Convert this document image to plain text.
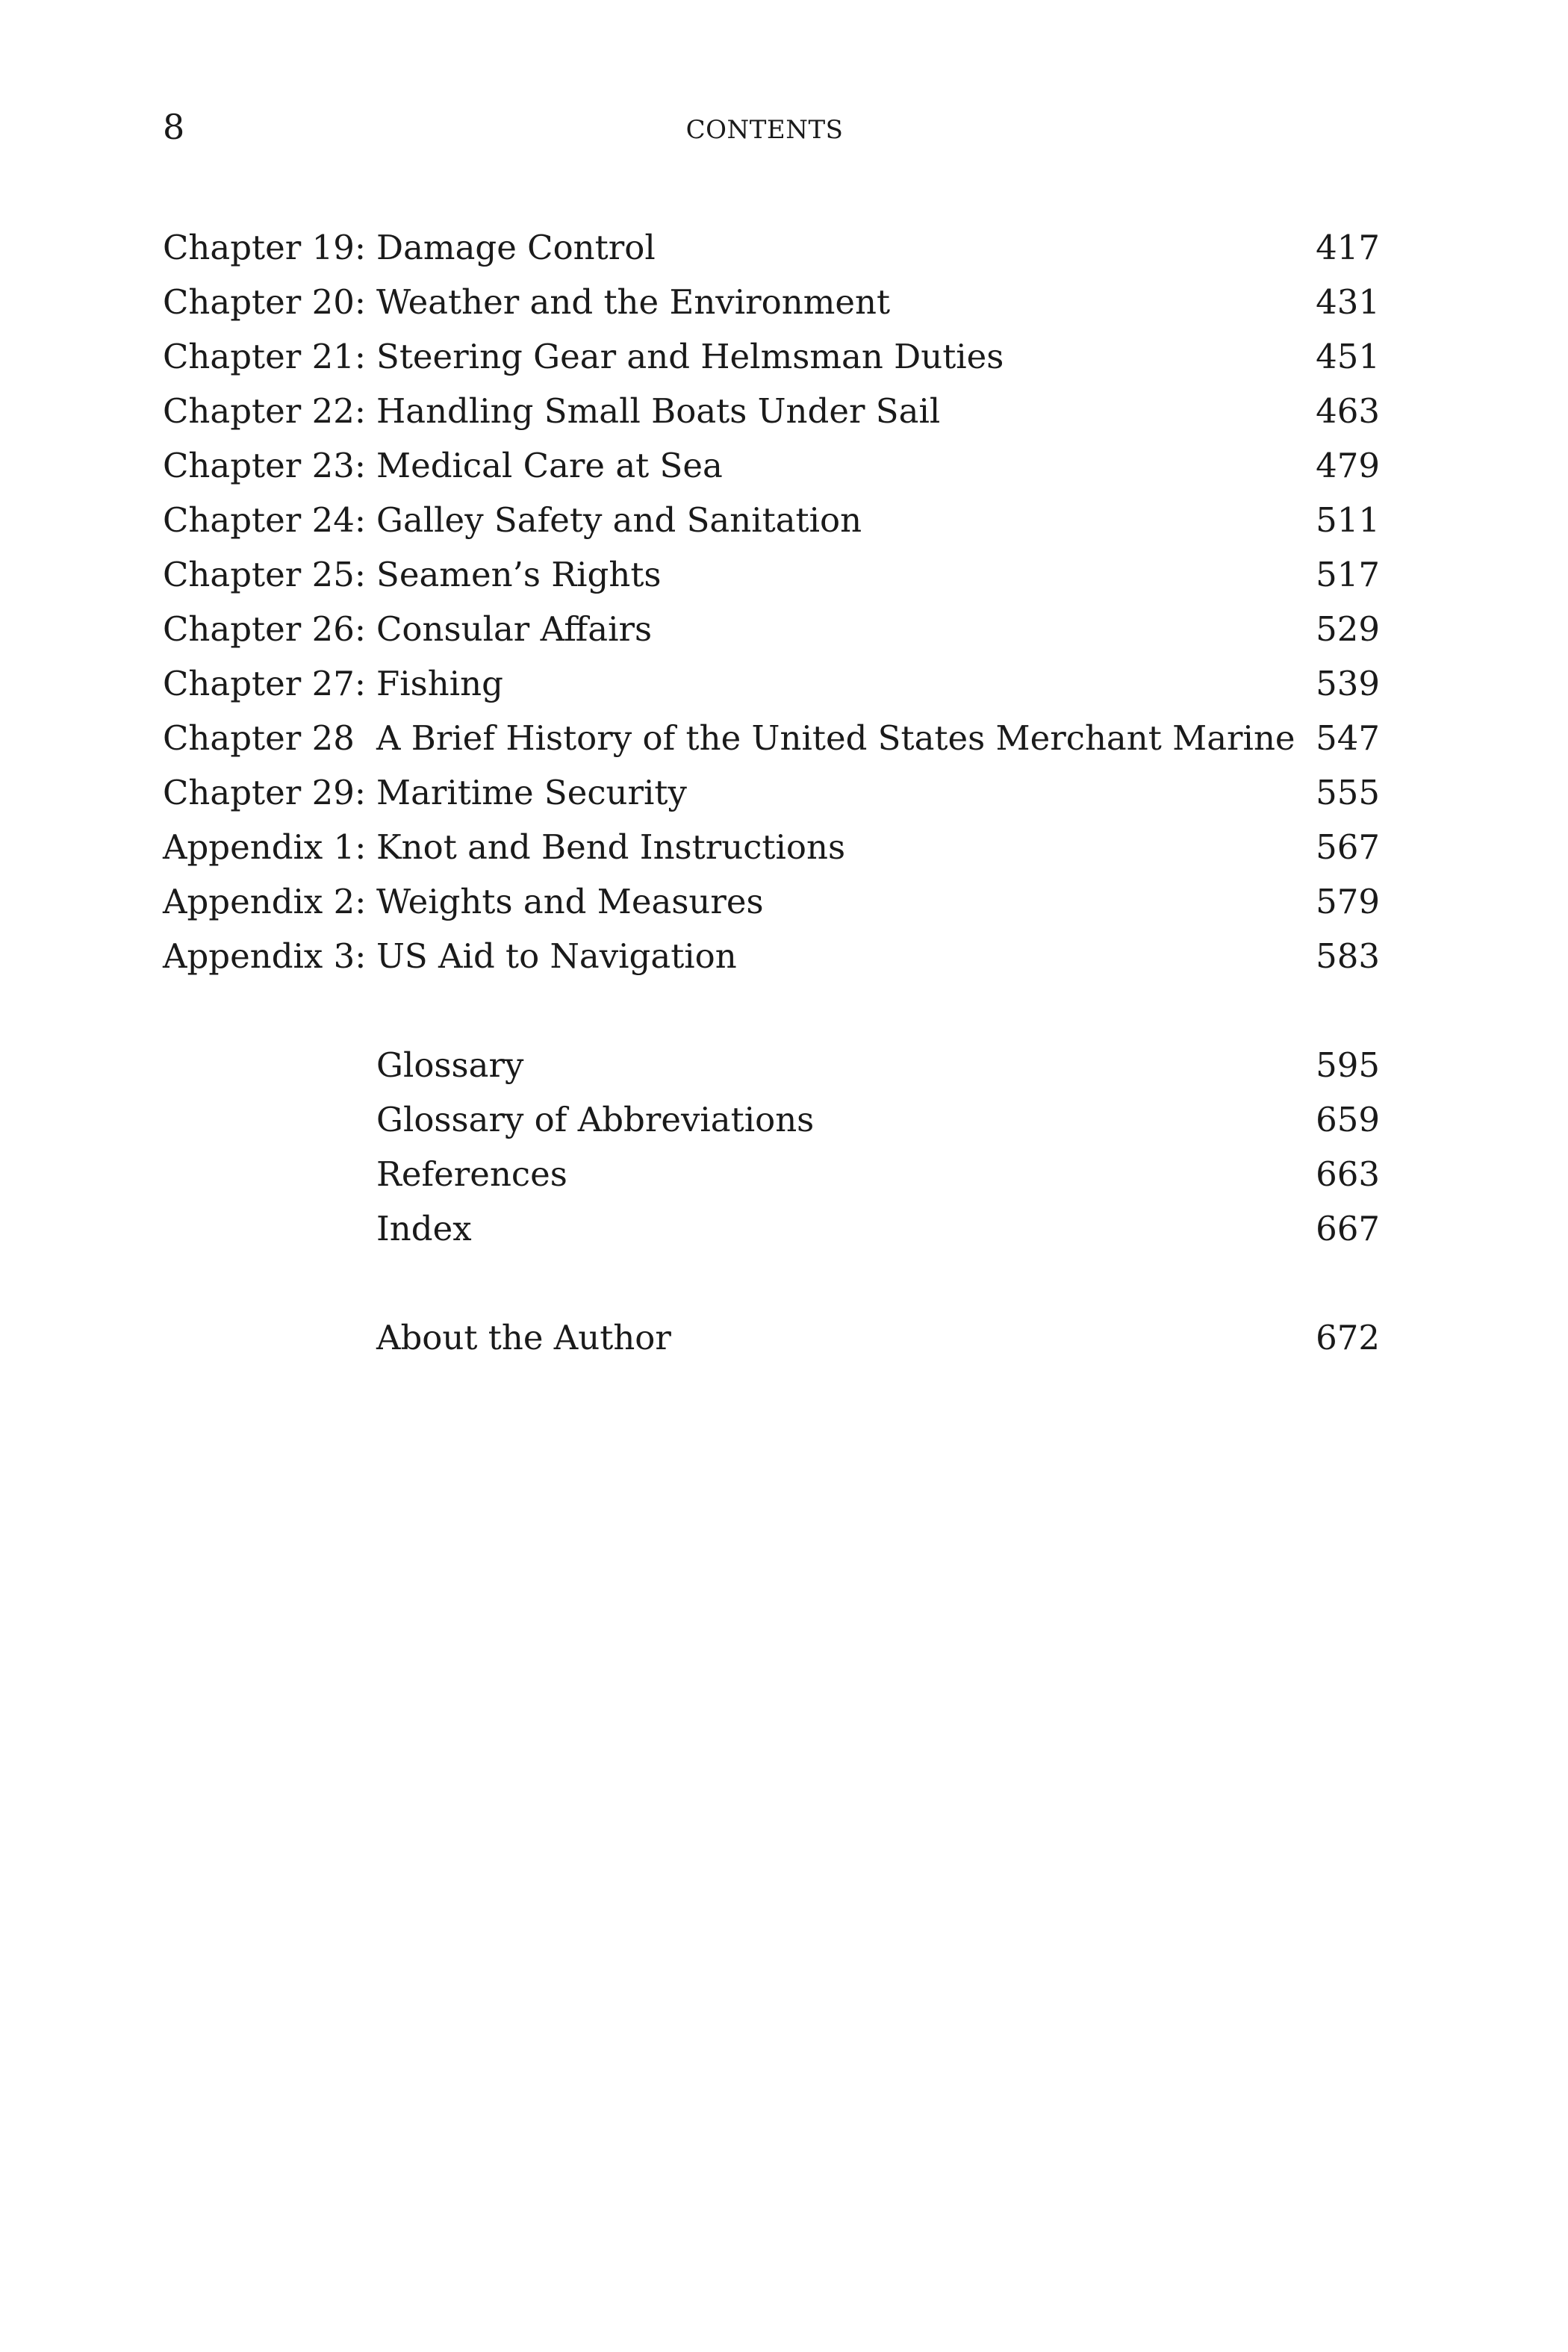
8	CONTENTS
Chapter 19: Damage Control	417
Chapter 20: Weather and the Environment	431
Chapter 21: Steering Gear and Helmsman Duties	451
Chapter 22: Handling Small Boats Under Sail	463
Chapter 23: Medical Care at Sea	479
Chapter 24: Galley Safety and Sanitation	511
Chapter 25: Seamen’s Rights	517
Chapter 26: Consular Affairs	529
Chapter 27: Fishing	539
Chapter 28 A Brief History of the United States Merchant Marine 547
Chapter 29: Maritime Security	555
Appendix 1: Knot and Bend Instructions	567
Appendix 2: Weights and Measures	579
Appendix 3: US Aid to Navigation	583
Glossary	595
Glossary of Abbreviations	659
References	663
Index	667
About the Author	672
